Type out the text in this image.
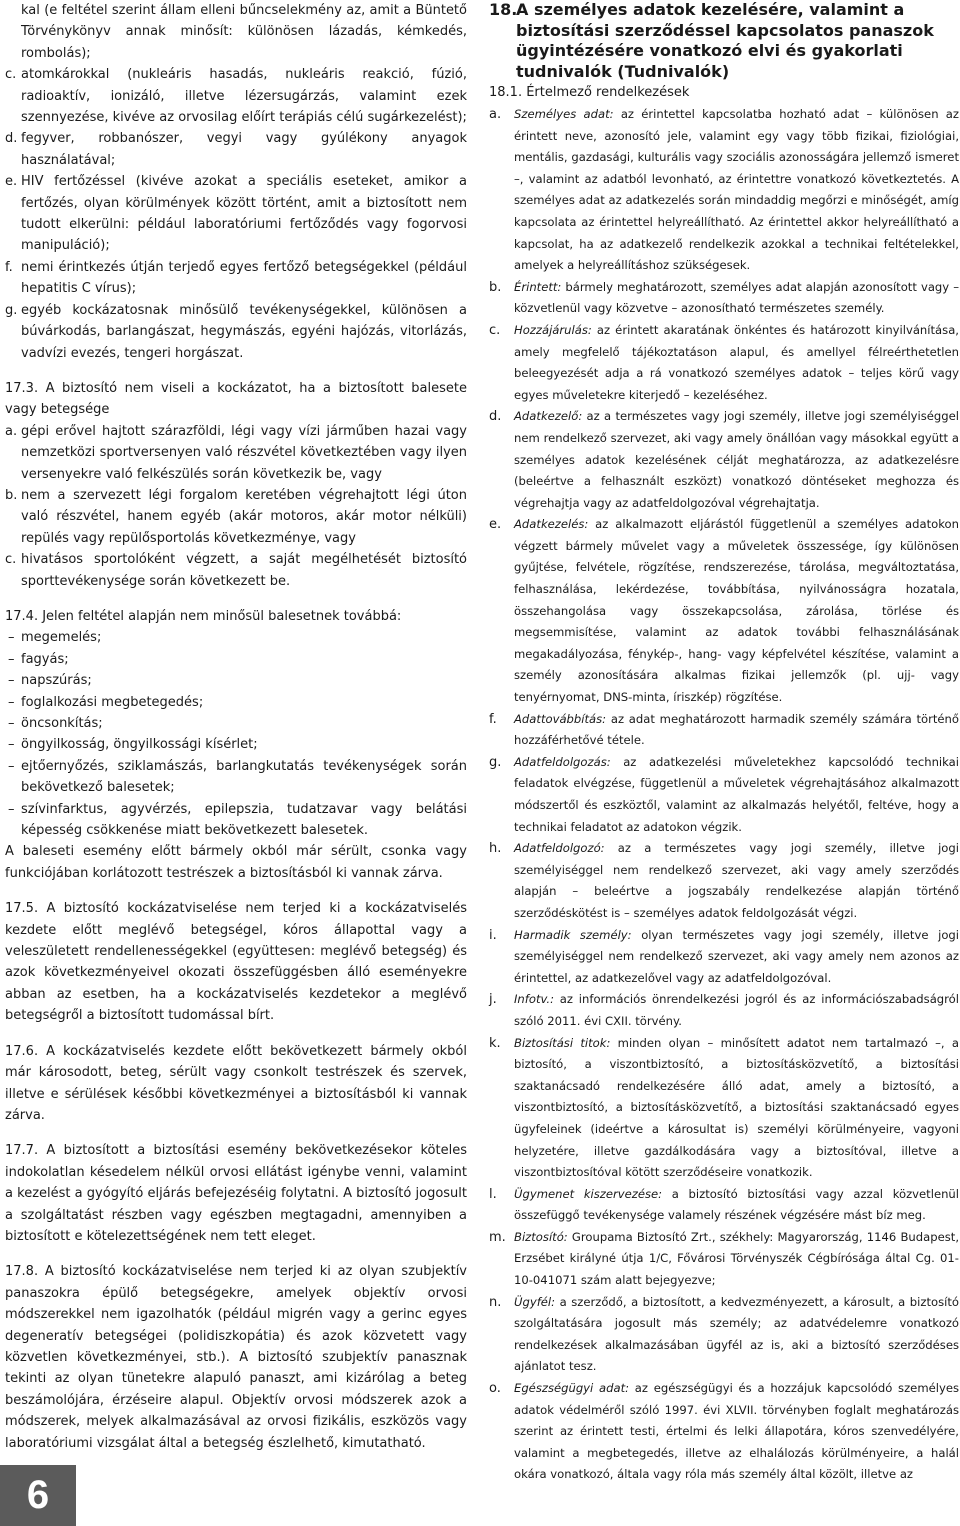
kal (e feltétel szerint állam elleni bűncselekmény az, amit a Büntető Törvénykönyv annak minősít: különösen lázadás, kémkedés, rombolás);
c. atomkárokkal (nukleáris hasadás, nukleáris reakció, fúzió, radioaktív, ionizáló, illetve lézersugárzás, valamint ezek szennyezése, kivéve az orvosilag előírt terápiás célú sugárkezelést);
d. fegyver, robbanószer, vegyi vagy gyúlékony anyagok használatával;
e. HIV fertőzéssel (kivéve azokat a speciális eseteket, amikor a fertőzés, olyan körülmények között történt, amit a biztosított nem tudott elkerülni: például laboratóriumi fertőződés vagy fogorvosi manipuláció);
f. nemi érintkezés útján terjedő egyes fertőző betegségekkel (például hepatitis C vírus);
g. egyéb kockázatosnak minősülő tevékenységekkel, különösen a búvárkodás, barlangászat, hegymászás, egyéni hajózás, vitorlázás, vadvízi evezés, tengeri horgászat.

17.3. A biztosító nem viseli a kockázatot, ha a biztosított balesete vagy betegsége

a. gépi erővel hajtott szárazföldi, légi vagy vízi járműben hazai vagy nemzetközi sportversenyen való részvétel következtében vagy ilyen versenyekre való felkészülés során következik be, vagy
b. nem a szervezett légi forgalom keretében végrehajtott légi úton való részvétel, hanem egyéb (akár motoros, akár motor nélküli) repülés vagy repülősportolás következménye, vagy
c. hivatásos sportolóként végzett, a saját megélhetését biztosító sporttevékenysége során következett be.

17.4. Jelen feltétel alapján nem minősül balesetnek továbbá:

– megemelés;
– fagyás;
– napszúrás;
– foglalkozási megbetegedés;
– öncsonkítás;
– öngyilkosság, öngyilkossági kísérlet;
– ejtőernyőzés, sziklamászás, barlangkutatás tevékenységek során bekövetkező balesetek;
– szívinfarktus, agyvérzés, epilepszia, tudatzavar vagy belátási képesség csökkenése miatt bekövetkezett balesetek.

A baleseti esemény előtt bármely okból már sérült, csonka vagy funkciójában korlátozott testrészek a biztosításból ki vannak zárva.

17.5. A biztosító kockázatviselése nem terjed ki a kockázatviselés kezdete előtt meglévő betegségel, kóros állapottal vagy a veleszületett rendellenességekkel (együttesen: meglévő betegség) és azok következményeivel okozati összefüggésben álló eseményekre abban az esetben, ha a kockázatviselés kezdetekor a meglévő betegségről a biztosított tudomással bírt.

17.6. A kockázatviselés kezdete előtt bekövetkezett bármely okból már károsodott, beteg, sérült vagy csonkolt testrészek és szervek, illetve e sérülések későbbi következményei a biztosításból ki vannak zárva.

17.7. A biztosított a biztosítási esemény bekövetkezésekor köteles indokolatlan késedelem nélkül orvosi ellátást igénybe venni, valamint a kezelést a gyógyító eljárás befejezéséig folytatni. A biztosító jogosult a szolgáltatást részben vagy egészben megtagadni, amennyiben a biztosított e kötelezettségének nem tett eleget.

17.8. A biztosító kockázatviselése nem terjed ki az olyan szubjektív panaszokra épülő betegségekre, amelyek objektív orvosi módszerekkel nem igazolhatók (például migrén vagy a gerinc egyes degeneratív betegségei (polidiszkopátia) és azok közvetett vagy közvetlen következményei, stb.). A biztosító szubjektív panasznak tekinti az olyan tünetekre alapuló panaszt, ami kizárólag a beteg beszámolójára, érzéseire alapul. Objektív orvosi módszerek azok a módszerek, melyek alkalmazásával az orvosi fizikális, eszközös vagy laboratóriumi vizsgálat által a betegség észlelhető, kimutatható.

18.
A személyes adatok kezelésére, valamint a biztosítási szerződéssel kapcsolatos panaszok ügyintézésére vonatkozó elvi és gyakorlati tudnivalók (Tudnivalók)

18.1. Értelmező rendelkezések

a.	Személyes adat: az érintettel kapcsolatba hozható adat – különösen az érintett neve, azonosító jele, valamint egy vagy több fizikai, fiziológiai, mentális, gazdasági, kulturális vagy szociális azonosságára jellemző ismeret –, valamint az adatból levonható, az érintettre vonatkozó következtetés. A személyes adat az adatkezelés során mindaddig megőrzi e minőségét, amíg kapcsolata az érintettel helyreállítható. Az érintettel akkor helyreállítható a kapcsolat, ha az adatkezelő rendelkezik azokkal a technikai feltételekkel, amelyek a helyreállításhoz szükségesek.
b.	Érintett: bármely meghatározott, személyes adat alapján azonosított vagy – közvetlenül vagy közvetve – azonosítható természetes személy.
c.	Hozzájárulás: az érintett akaratának önkéntes és határozott kinyilvánítása, amely megfelelő tájékoztatáson alapul, és amellyel félreérthetetlen beleegyezését adja a rá vonatkozó személyes adatok – teljes körű vagy egyes műveletekre kiterjedő – kezeléséhez.
d.	Adatkezelő: az a természetes vagy jogi személy, illetve jogi személyiséggel nem rendelkező szervezet, aki vagy amely önállóan vagy másokkal együtt a személyes adatok kezelésének célját meghatározza, az adatkezelésre (beleértve a felhasznált eszközt) vonatkozó döntéseket meghozza és végrehajtja vagy az adatfeldolgozóval végrehajtatja.
e.	Adatkezelés: az alkalmazott eljárástól függetlenül a személyes adatokon végzett bármely művelet vagy a műveletek összessége, így különösen gyűjtése, felvétele, rögzítése, rendszerezése, tárolása, megváltoztatása, felhasználása, lekérdezése, továbbítása, nyilvánosságra hozatala, összehangolása vagy összekapcsolása, zárolása, törlése és megsemmisítése, valamint az adatok további felhasználásának megakadályozása, fénykép-, hang- vagy képfelvétel készítése, valamint a személy azonosítására alkalmas fizikai jellemzők (pl. ujj- vagy tenyérnyomat, DNS-minta, íriszkép) rögzítése.
f.	Adattovábbítás: az adat meghatározott harmadik személy számára történő hozzáférhetővé tétele.
g.	Adatfeldolgozás: az adatkezelési műveletekhez kapcsolódó technikai feladatok elvégzése, függetlenül a műveletek végrehajtásához alkalmazott módszertől és eszköztől, valamint az alkalmazás helyétől, feltéve, hogy a technikai feladatot az adatokon végzik.
h.	Adatfeldolgozó: az a természetes vagy jogi személy, illetve jogi személyiséggel nem rendelkező szervezet, aki vagy amely szerződés alapján – beleértve a jogszabály rendelkezése alapján történő szerződéskötést is – személyes adatok feldolgozását végzi.
i.	Harmadik személy: olyan természetes vagy jogi személy, illetve jogi személyiséggel nem rendelkező szervezet, aki vagy amely nem azonos az érintettel, az adatkezelővel vagy az adatfeldolgozóval.
j.	Infotv.: az információs önrendelkezési jogról és az információszabadságról szóló 2011. évi CXII. törvény.
k.	Biztosítási titok: minden olyan – minősített adatot nem tartalmazó –, a biztosító, a viszontbiztosító, a biztosításközvetítő, a biztosítási szaktanácsadó rendelkezésére álló adat, amely a biztosító, a viszontbiztosító, a biztosításközvetítő, a biztosítási szaktanácsadó egyes ügyfeleinek (ideértve a károsultat is) személyi körülményeire, vagyoni helyzetére, illetve gazdálkodására vagy a biztosítóval, illetve a viszontbiztosítóval kötött szerződéseire vonatkozik.
l.	Ügymenet kiszervezése: a biztosító biztosítási vagy azzal közvetlenül összefüggő tevékenysége valamely részének végzésére mást bíz meg.
m. Biztosító: Groupama Biztosító Zrt., székhely: Magyarország, 1146 Budapest, Erzsébet királyné útja 1/C, Fővárosi Törvényszék Cégbírósága által Cg. 01-10-041071 szám alatt bejegyezve;
n.	Ügyfél: a szerződő, a biztosított, a kedvezményezett, a károsult, a biztosító szolgáltatására jogosult más személy; az adatvédelemre vonatkozó rendelkezések alkalmazásában ügyfél az is, aki a biztosító szerződéses ajánlatot tesz.
o.	Egészségügyi adat: az egészségügyi és a hozzájuk kapcsolódó személyes adatok védelméről szóló 1997. évi XLVII. törvényben foglalt meghatározás szerint az érintett testi, értelmi és lelki állapotára, kóros szenvedélyére, valamint a megbetegedés, illetve az elhalálozás körülményeire, a halál okára vonatkozó, általa vagy róla más személy által közölt, illetve az
6
